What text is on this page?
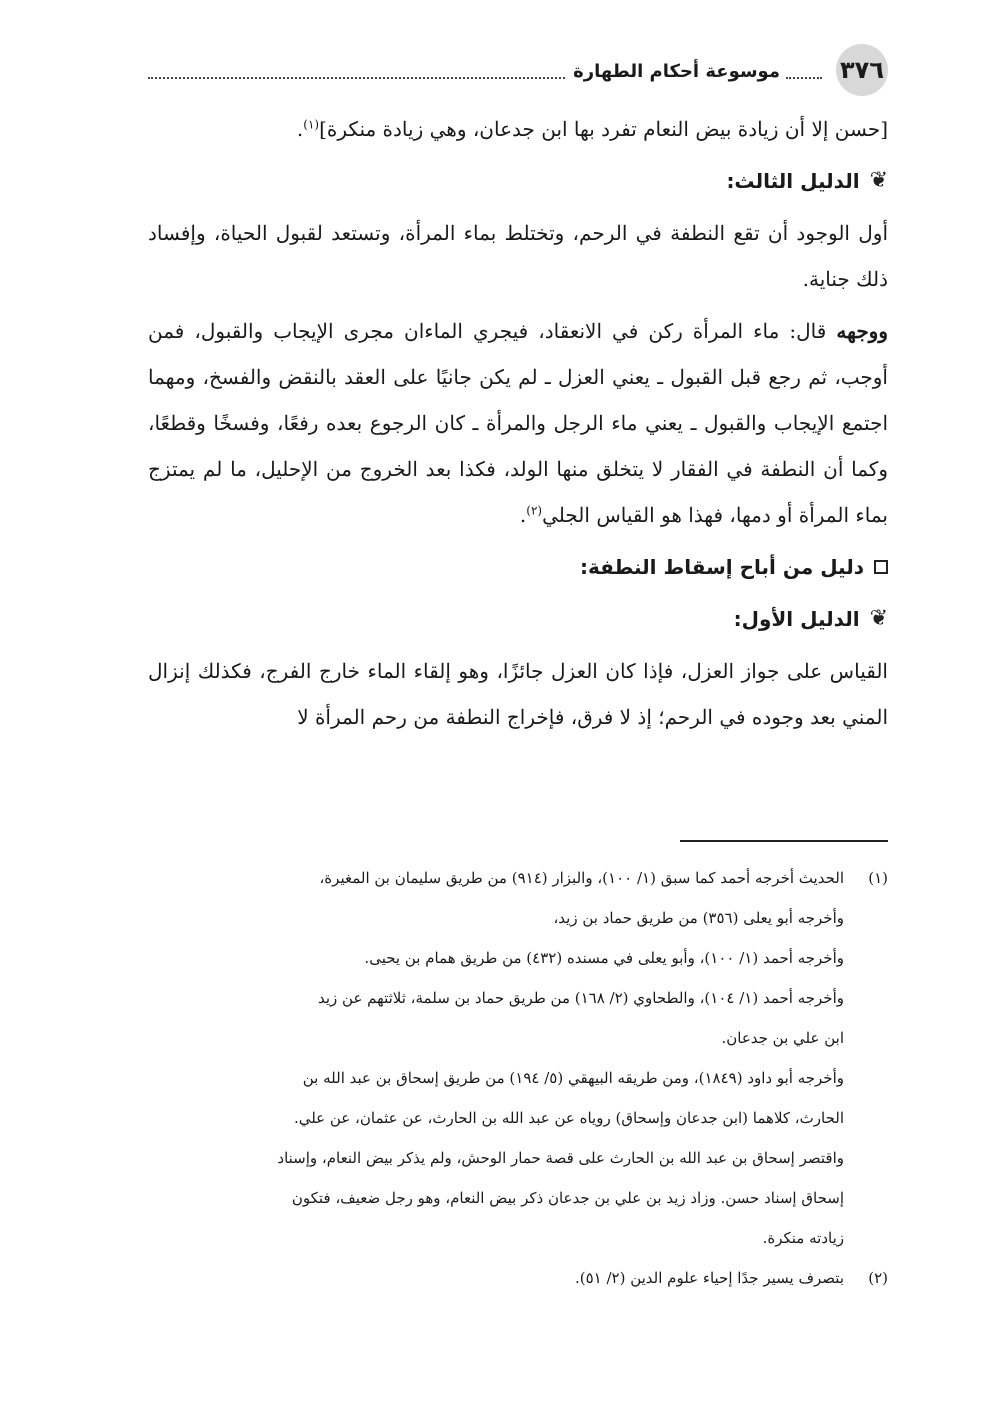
٣٧٦
موسوعة أحكام الطهارة

[حسن إلا أن زيادة بيض النعام تفرد بها ابن جدعان، وهي زيادة منكرة]$^{(١)}$.

❦
الدليل الثالث:

أول الوجود أن تقع النطفة في الرحم، وتختلط بماء المرأة، وتستعد لقبول الحياة، وإفساد ذلك جناية.

ووجهه قال: ماء المرأة ركن في الانعقاد، فيجري الماءان مجرى الإيجاب والقبول، فمن أوجب، ثم رجع قبل القبول ـ يعني العزل ـ لم يكن جانيًا على العقد بالنقض والفسخ، ومهما اجتمع الإيجاب والقبول ـ يعني ماء الرجل والمرأة ـ كان الرجوع بعده رفعًا، وفسخًا وقطعًا، وكما أن النطفة في الفقار لا يتخلق منها الولد، فكذا بعد الخروج من الإحليل، ما لم يمتزج بماء المرأة أو دمها، فهذا هو القياس الجلي$^{(٢)}$.

دليل من أباح إسقاط النطفة:
❦
الدليل الأول:

القياس على جواز العزل، فإذا كان العزل جائزًا، وهو إلقاء الماء خارج الفرج، فكذلك إنزال المني بعد وجوده في الرحم؛ إذ لا فرق، فإخراج النطفة من رحم المرأة لا

(١)
الحديث أخرجه أحمد كما سبق (١/ ١٠٠)، والبزار (٩١٤) من طريق سليمان بن المغيرة،
وأخرجه أبو يعلى (٣٥٦) من طريق حماد بن زيد،
وأخرجه أحمد (١/ ١٠٠)، وأبو يعلى في مسنده (٤٣٢) من طريق همام بن يحيى.
وأخرجه أحمد (١/ ١٠٤)، والطحاوي (٢/ ١٦٨) من طريق حماد بن سلمة، ثلاثتهم عن زيد
ابن علي بن جدعان.
وأخرجه أبو داود (١٨٤٩)، ومن طريقه البيهقي (٥/ ١٩٤) من طريق إسحاق بن عبد الله بن
الحارث، كلاهما (ابن جدعان وإسحاق) روياه عن عبد الله بن الحارث، عن عثمان، عن علي.
واقتصر إسحاق بن عبد الله بن الحارث على قصة حمار الوحش، ولم يذكر بيض النعام، وإسناد
إسحاق إسناد حسن. وزاد زيد بن علي بن جدعان ذكر بيض النعام، وهو رجل ضعيف، فتكون
زيادته منكرة.
(٢)
بتصرف يسير جدًا إحياء علوم الدين (٢/ ٥١).
